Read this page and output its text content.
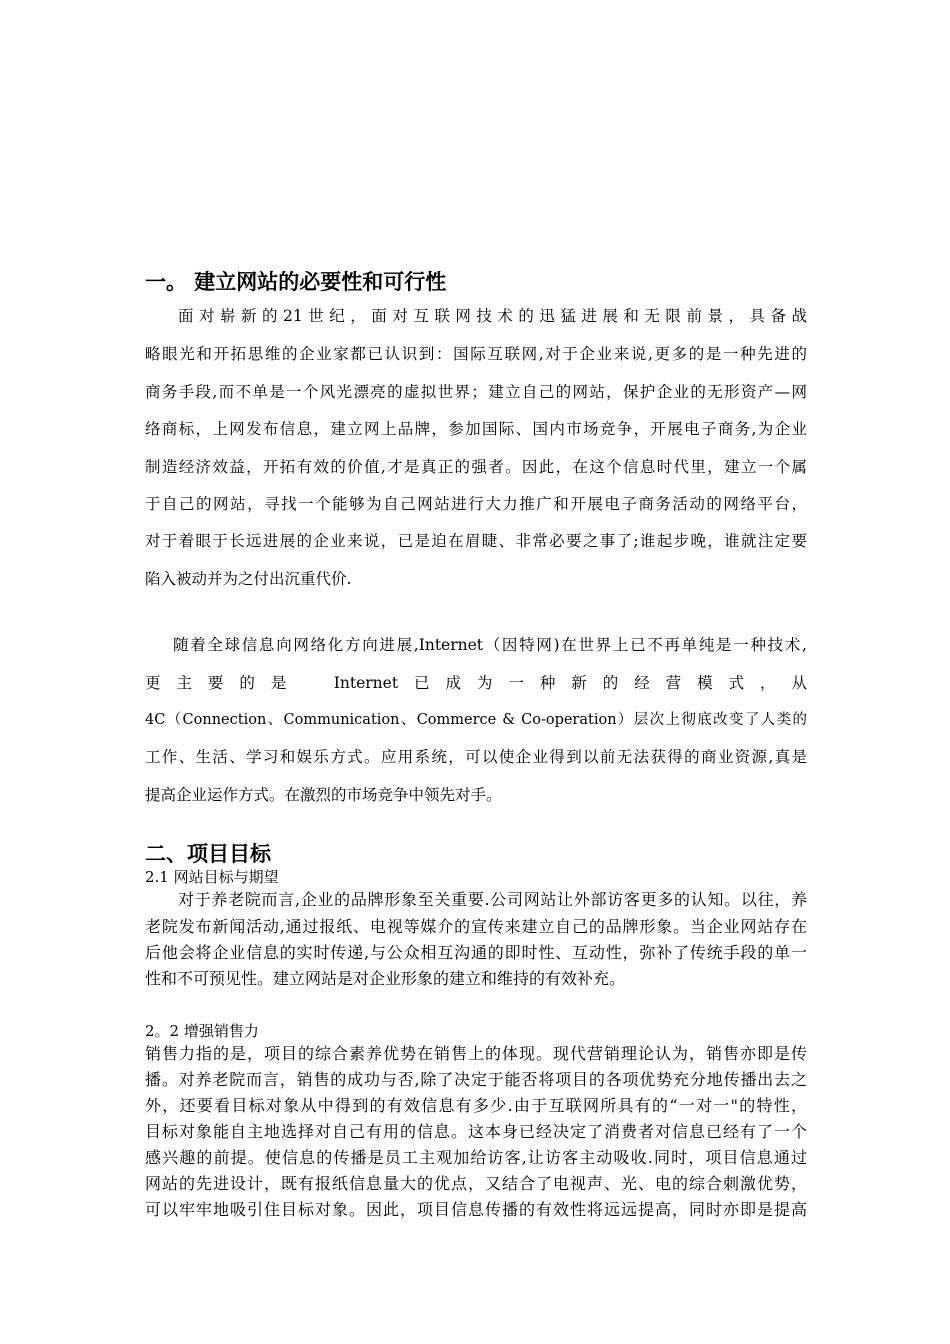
一。 建立网站的必要性和可行性
面对崭新的21世纪，面对互联网技术的迅猛进展和无限前景，具备战
略眼光和开拓思维的企业家都已认识到：国际互联网,对于企业来说,更多的是一种先进的
商务手段,而不单是一个风光漂亮的虚拟世界；建立自己的网站，保护企业的无形资产—网
络商标，上网发布信息，建立网上品牌，参加国际、国内市场竞争，开展电子商务,为企业
制造经济效益，开拓有效的价值,才是真正的强者。因此，在这个信息时代里，建立一个属
于自己的网站，寻找一个能够为自己网站进行大力推广和开展电子商务活动的网络平台，
对于着眼于长远进展的企业来说，已是迫在眉睫、非常必要之事了;谁起步晚，谁就注定要
陷入被动并为之付出沉重代价.
随着全球信息向网络化方向进展,Internet（因特网)在世界上已不再单纯是一种技术,
更主要的是　Internet已成为一种新的经营模式，从
4C（Connection、Communication、Commerce & Co-operation）层次上彻底改变了人类的
工作、生活、学习和娱乐方式。应用系统，可以使企业得到以前无法获得的商业资源,真是
提高企业运作方式。在激烈的市场竞争中领先对手。
二、项目目标
2.1 网站目标与期望
对于养老院而言,企业的品牌形象至关重要.公司网站让外部访客更多的认知。以往，养
老院发布新闻活动,通过报纸、电视等媒介的宣传来建立自己的品牌形象。当企业网站存在
后他会将企业信息的实时传递,与公众相互沟通的即时性、互动性，弥补了传统手段的单一
性和不可预见性。建立网站是对企业形象的建立和维持的有效补充。
2。2 增强销售力
销售力指的是，项目的综合素养优势在销售上的体现。现代营销理论认为，销售亦即是传
播。对养老院而言，销售的成功与否,除了决定于能否将项目的各项优势充分地传播出去之
外，还要看目标对象从中得到的有效信息有多少.由于互联网所具有的“一对一"的特性，
目标对象能自主地选择对自己有用的信息。这本身已经决定了消费者对信息已经有了一个
感兴趣的前提。使信息的传播是员工主观加给访客,让访客主动吸收.同时，项目信息通过
网站的先进设计，既有报纸信息量大的优点，又结合了电视声、光、电的综合刺激优势，
可以牢牢地吸引住目标对象。因此，项目信息传播的有效性将远远提高，同时亦即是提高
